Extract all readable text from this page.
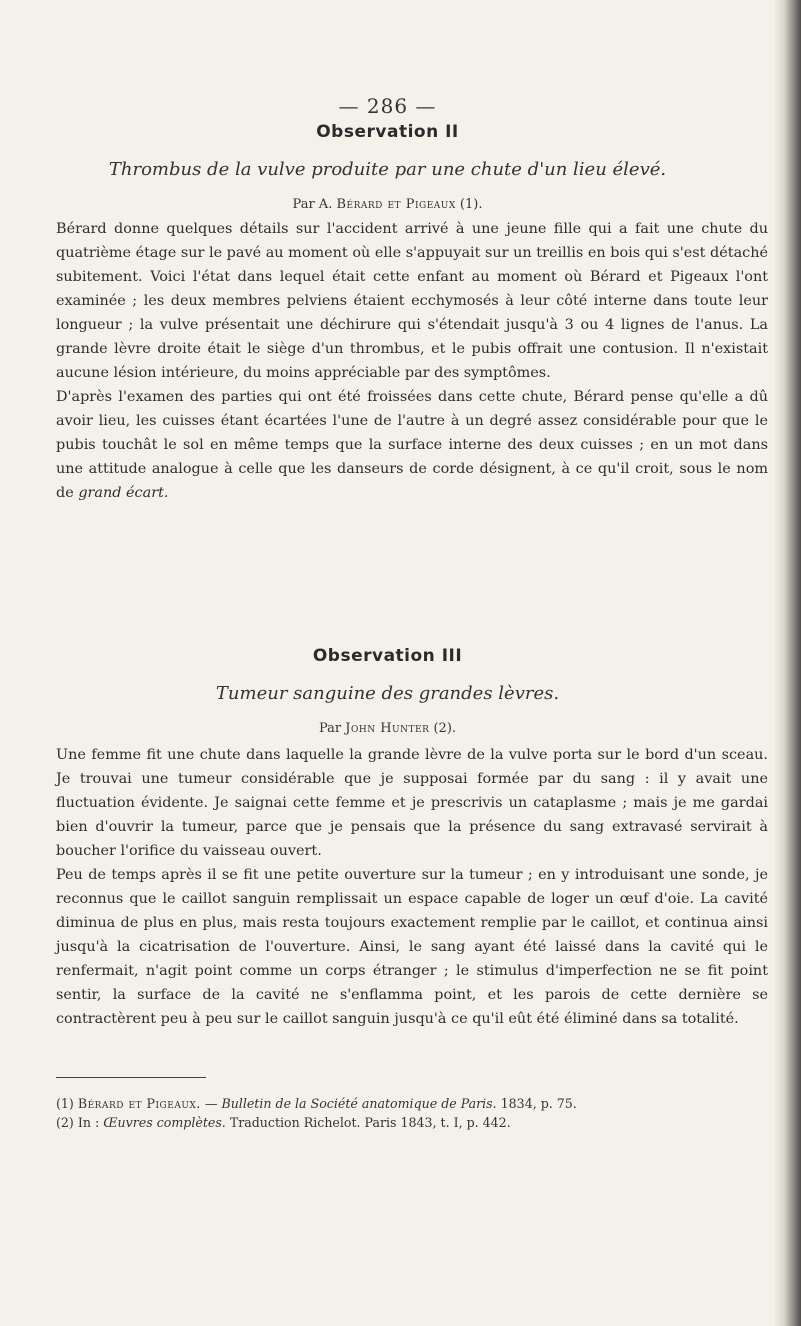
— 286 —
Observation II
Thrombus de la vulve produite par une chute d'un lieu élevé.
Par A. Bérard et Pigeaux (1).

Bérard donne quelques détails sur l'accident arrivé à une jeune fille qui a fait une chute du quatrième étage sur le pavé au moment où elle s'appuyait sur un treillis en bois qui s'est détaché subitement. Voici l'état dans lequel était cette enfant au moment où Bérard et Pigeaux l'ont examinée ; les deux membres pelviens étaient ecchymosés à leur côté interne dans toute leur longueur ; la vulve présentait une déchirure qui s'étendait jusqu'à 3 ou 4 lignes de l'anus. La grande lèvre droite était le siège d'un thrombus, et le pubis offrait une contusion. Il n'existait aucune lésion intérieure, du moins appréciable par des symptômes.

D'après l'examen des parties qui ont été froissées dans cette chute, Bérard pense qu'elle a dû avoir lieu, les cuisses étant écartées l'une de l'autre à un degré assez considérable pour que le pubis touchât le sol en même temps que la surface interne des deux cuisses ; en un mot dans une attitude analogue à celle que les danseurs de corde désignent, à ce qu'il croit, sous le nom de grand écart.

Observation III
Tumeur sanguine des grandes lèvres.
Par John Hunter (2).

Une femme fit une chute dans laquelle la grande lèvre de la vulve porta sur le bord d'un sceau. Je trouvai une tumeur considérable que je supposai formée par du sang : il y avait une fluctuation évidente. Je saignai cette femme et je prescrivis un cataplasme ; mais je me gardai bien d'ouvrir la tumeur, parce que je pensais que la présence du sang extravasé servirait à boucher l'orifice du vaisseau ouvert.

Peu de temps après il se fit une petite ouverture sur la tumeur ; en y introduisant une sonde, je reconnus que le caillot sanguin remplissait un espace capable de loger un œuf d'oie. La cavité diminua de plus en plus, mais resta toujours exactement remplie par le caillot, et continua ainsi jusqu'à la cicatrisation de l'ouverture. Ainsi, le sang ayant été laissé dans la cavité qui le renfermait, n'agit point comme un corps étranger ; le stimulus d'imperfection ne se fit point sentir, la surface de la cavité ne s'enflamma point, et les parois de cette dernière se contractèrent peu à peu sur le caillot sanguin jusqu'à ce qu'il eût été éliminé dans sa totalité.

(1) Bérard et Pigeaux. — Bulletin de la Société anatomique de Paris. 1834, p. 75.
(2) In : Œuvres complètes. Traduction Richelot. Paris 1843, t. I, p. 442.
